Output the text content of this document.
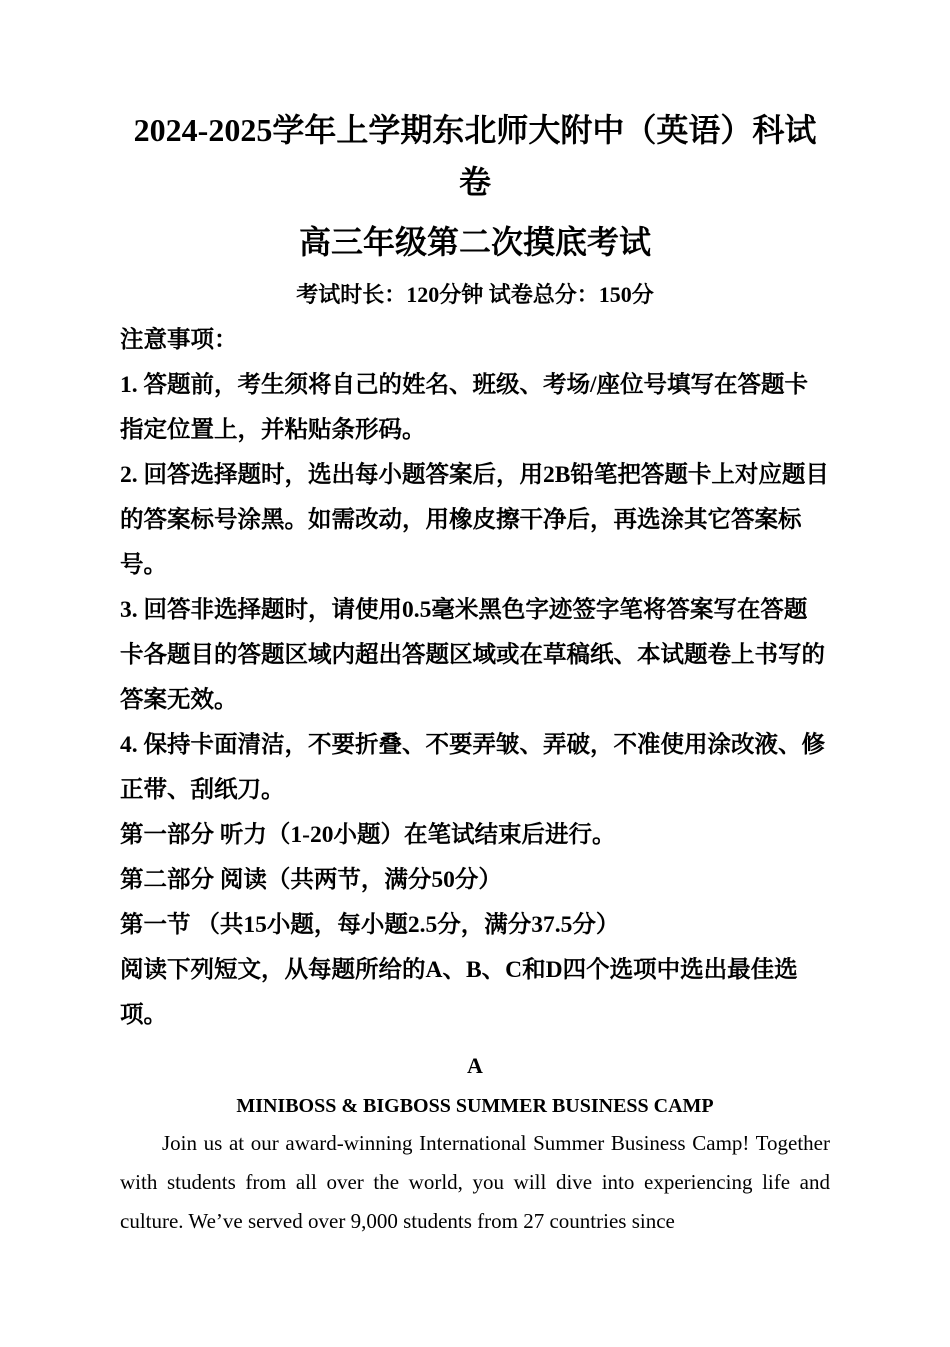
2024-2025学年上学期东北师大附中（英语）科试卷
高三年级第二次摸底考试

考试时长：120分钟 试卷总分：150分

注意事项：

1. 答题前，考生须将自己的姓名、班级、考场/座位号填写在答题卡指定位置上，并粘贴条形码。

2. 回答选择题时，选出每小题答案后，用2B铅笔把答题卡上对应题目的答案标号涂黑。如需改动，用橡皮擦干净后，再选涂其它答案标号。

3. 回答非选择题时，请使用0.5毫米黑色字迹签字笔将答案写在答题卡各题目的答题区域内超出答题区域或在草稿纸、本试题卷上书写的答案无效。

4. 保持卡面清洁，不要折叠、不要弄皱、弄破，不准使用涂改液、修正带、刮纸刀。

第一部分 听力（1-20小题）在笔试结束后进行。

第二部分 阅读（共两节，满分50分）

第一节 （共15小题，每小题2.5分，满分37.5分）

阅读下列短文，从每题所给的A、B、C和D四个选项中选出最佳选项。

A

MINIBOSS & BIGBOSS SUMMER BUSINESS CAMP

Join us at our award-winning International Summer Business Camp! Together with students from all over the world, you will dive into experiencing life and culture. We’ve served over 9,000 students from 27 countries since
